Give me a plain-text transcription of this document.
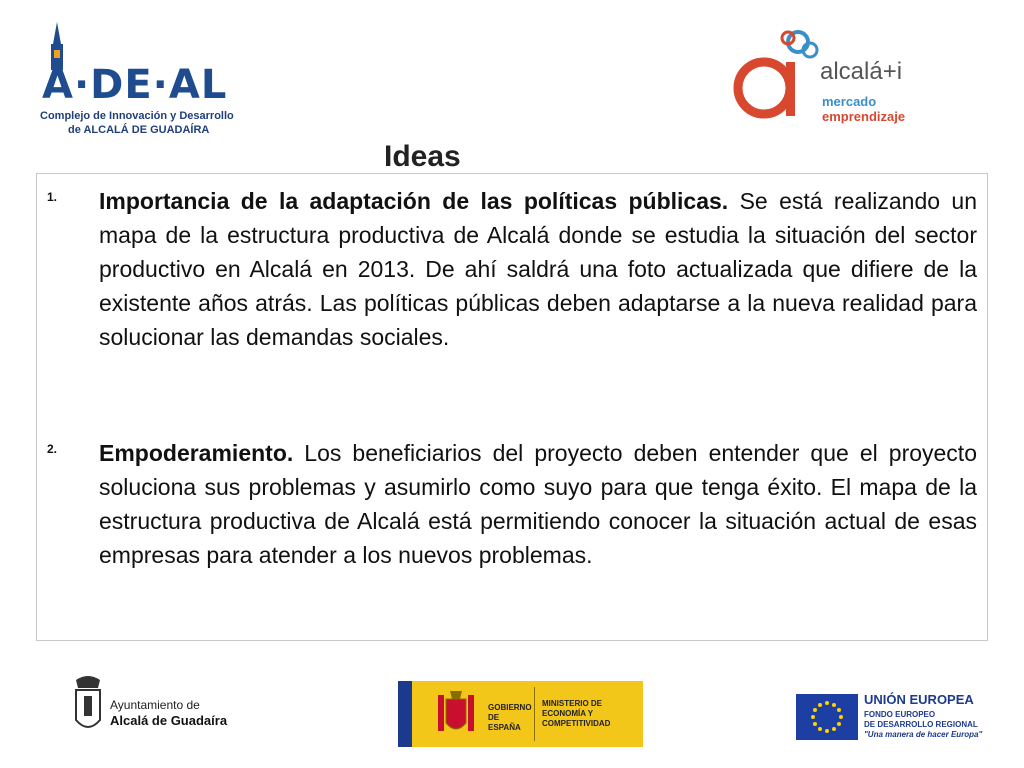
A·DE·AL
Complejo de Innovación y Desarrollo
de ALCALÁ DE GUADAÍRA
alcalá+i
mercado
emprendizaje
Ideas
1. Importancia de la adaptación de las políticas públicas. Se está realizando un mapa de la estructura productiva de Alcalá donde se estudia la situación del sector productivo en Alcalá en 2013. De ahí saldrá una foto actualizada que difiere de la existente años atrás. Las políticas públicas deben adaptarse a la nueva realidad para solucionar las demandas sociales.
2. Empoderamiento. Los beneficiarios del proyecto deben entender que el proyecto soluciona sus problemas y asumirlo como suyo para que tenga éxito. El mapa de la estructura productiva de Alcalá está permitiendo conocer la situación actual de esas empresas para atender a los nuevos problemas.
Ayuntamiento de
Alcalá de Guadaíra
GOBIERNO DE ESPAÑA
MINISTERIO DE ECONOMÍA Y COMPETITIVIDAD
UNIÓN EUROPEA
FONDO EUROPEO
DE DESARROLLO REGIONAL
"Una manera de hacer Europa"
